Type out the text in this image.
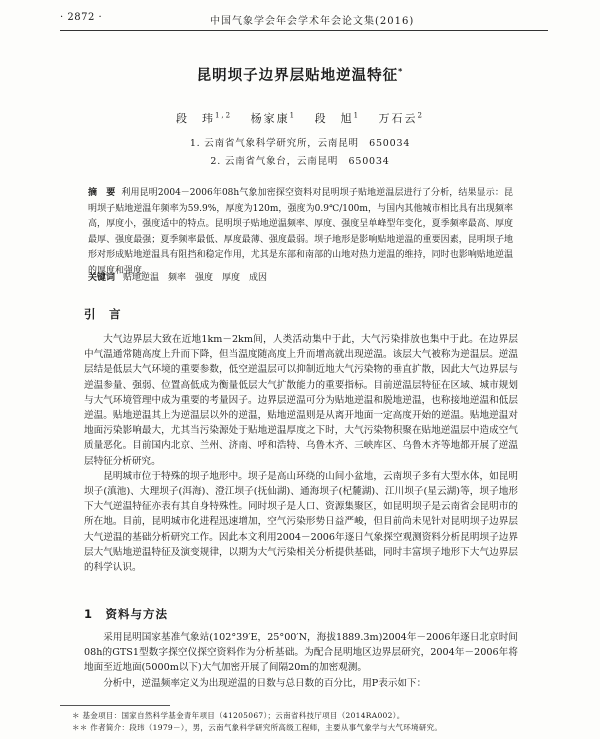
· 2872 ·	中国气象学会年会学术年会论文集(2016)
昆明坝子边界层贴地逆温特征*
段　玮$^{1,2}$　 杨家康$^1$　 段　旭$^1$　 万石云$^2$
1. 云南省气象科学研究所，云南昆明　650034
2. 云南省气象台，云南昆明　650034
摘　要 利用昆明2004－2006年08h气象加密探空资料对昆明坝子贴地逆温层进行了分析，结果显示：昆明坝子贴地逆温年频率为59.9%，厚度为120m，强度为0.9℃/100m，与国内其他城市相比具有出现频率高，厚度小，强度适中的特点。昆明坝子贴地逆温频率、厚度、强度呈单峰型年变化，夏季频率最高、厚度最厚、强度最强；夏季频率最低、厚度最薄、强度最弱。坝子地形是影响贴地逆温的重要因素，昆明坝子地形对形成贴地逆温具有阻挡和稳定作用，尤其是东部和南部的山地对热力逆温的维持，同时也影响贴地逆温的厚度和强度。
关键词 贴地逆温　频率　强度　厚度　成因
引　言

大气边界层大致在近地1km－2km间，人类活动集中于此，大气污染排放也集中于此。在边界层中气温通常随高度上升而下降，但当温度随高度上升而增高就出现逆温。该层大气被称为逆温层。逆温层结是低层大气环境的重要参数，低空逆温层可以抑制近地大气污染物的垂直扩散，因此大气边界层与逆温参量、强弱、位置高低成为衡量低层大气扩散能力的重要指标。目前逆温层特征在区域、城市规划与大气环境管理中成为重要的考量因子。边界层逆温可分为贴地逆温和脱地逆温，也称接地逆温和低层逆温。贴地逆温其上为逆温层以外的逆温，贴地逆温则是从离开地面一定高度开始的逆温。贴地逆温对地面污染影响最大，尤其当污染源处于贴地逆温厚度之下时，大气污染物积聚在贴地逆温层中造成空气质量恶化。目前国内北京、兰州、济南、呼和浩特、乌鲁木齐、三峡库区、乌鲁木齐等地都开展了逆温层特征分析研究。

昆明城市位于特殊的坝子地形中。坝子是高山环绕的山间小盆地，云南坝子多有大型水体，如昆明坝子(滇池)、大理坝子(洱海)、澄江坝子(抚仙湖)、通海坝子(杞麓湖)、江川坝子(星云湖)等，坝子地形下大气逆温特征亦表有其自身特殊性。同时坝子是人口、资源集聚区，如昆明坝子是云南省会昆明市的所在地。目前，昆明城市化进程迅速增加，空气污染形势日益严峻，但目前尚未见针对昆明坝子边界层大气逆温的基础分析研究工作。因此本文利用2004－2006年逐日气象探空观测资料分析昆明坝子边界层大气贴地逆温特征及演变规律，以期为大气污染相关分析提供基础，同时丰富坝子地形下大气边界层的科学认识。

1　资料与方法

采用昆明国家基准气象站(102°39′E，25°00′N，海拔1889.3m)2004年－2006年逐日北京时间08h的GTS1型数字探空仪探空资料作为分析基础。为配合昆明地区边界层研究，2004年－2006年将地面至近地面(5000m以下)大气加密开展了间隔20m的加密观测。

分析中，逆温频率定义为出现逆温的日数与总日数的百分比，用P表示如下：

＊ 基金项目：国家自然科学基金青年项目（41205067）；云南省科技厅项目（2014RA002）。
＊＊ 作者简介：段玮（1979－），男，云南气象科学研究所高级工程师，主要从事气象学与大气环境研究。
